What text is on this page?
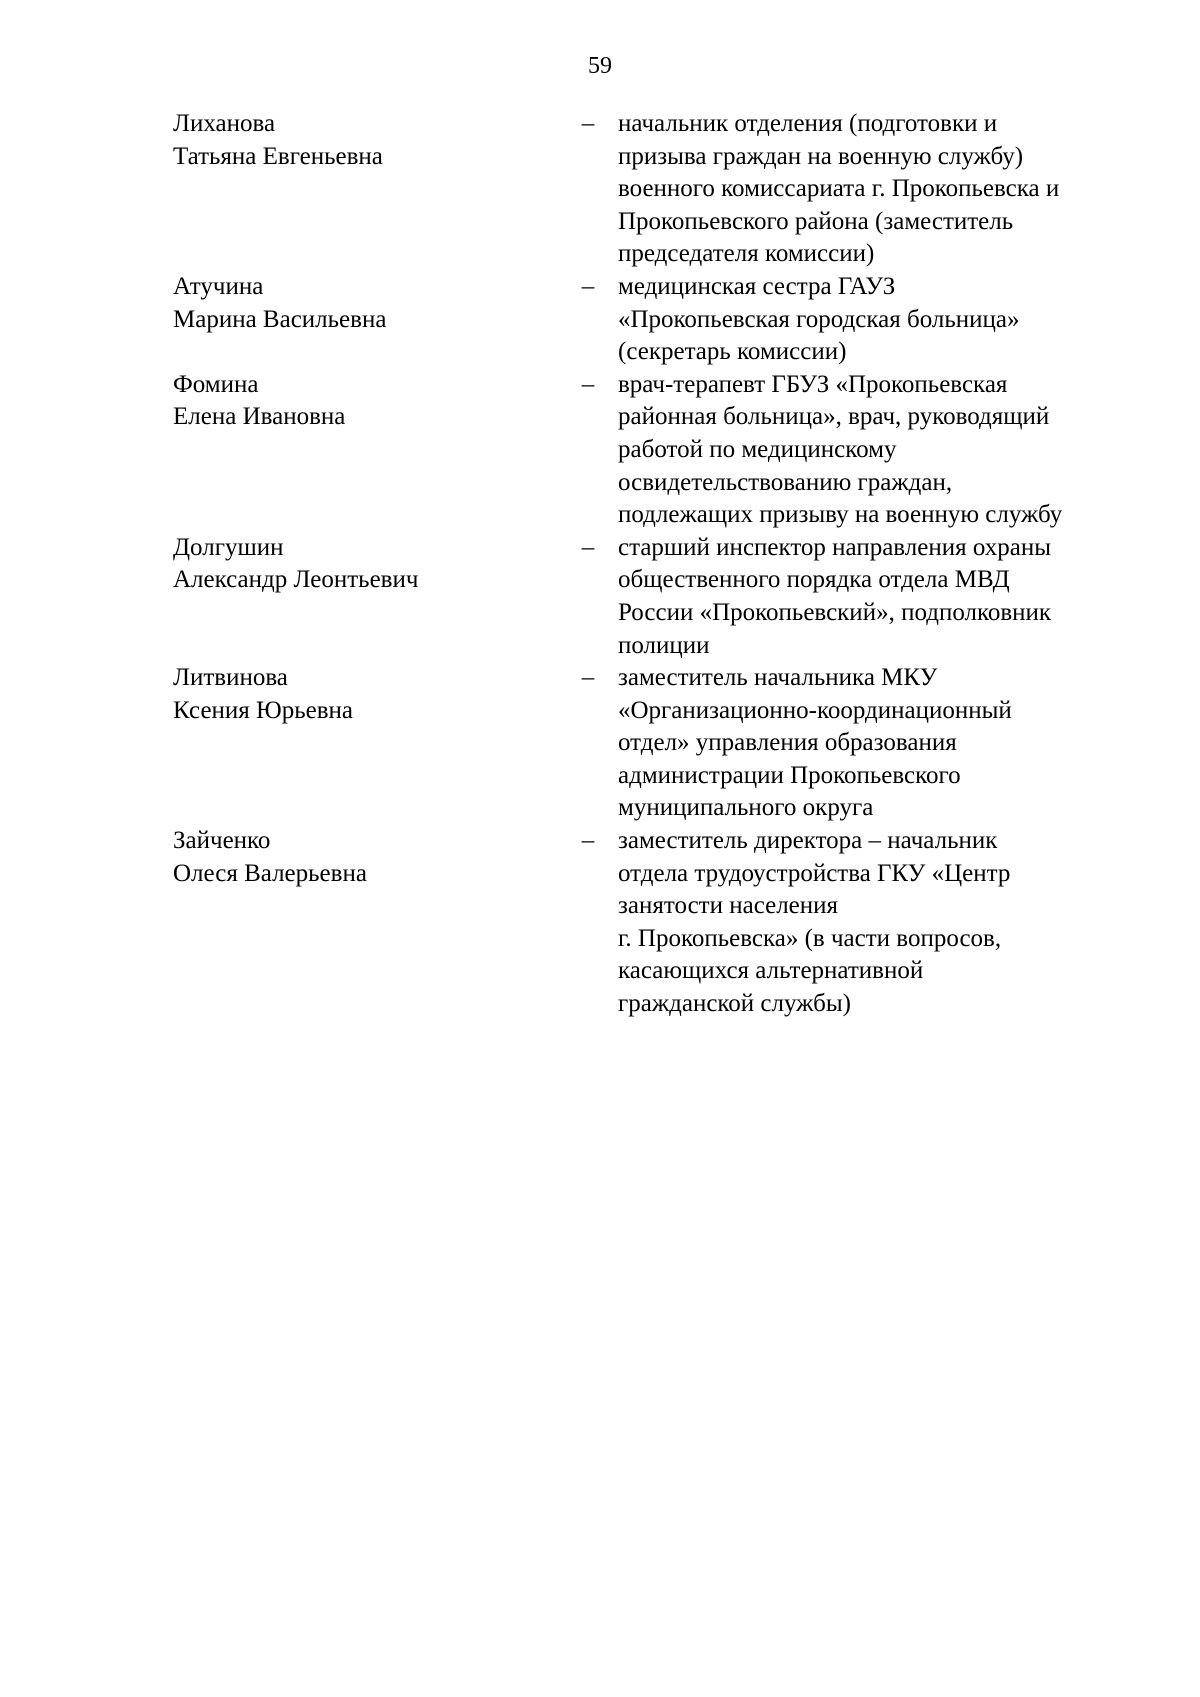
59
Лиханова
Татьяна Евгеньевна
– начальник отделения (подготовки и
призыва граждан на военную службу)
военного комиссариата г. Прокопьевска и
Прокопьевского района (заместитель
председателя комиссии)
Атучина
Марина Васильевна
– медицинская сестра ГАУЗ
«Прокопьевская городская больница»
(секретарь комиссии)
Фомина
Елена Ивановна
– врач-терапевт ГБУЗ «Прокопьевская
районная больница», врач, руководящий
работой по медицинскому
освидетельствованию граждан,
подлежащих призыву на военную службу
Долгушин
Александр Леонтьевич
– старший инспектор направления охраны
общественного порядка отдела МВД
России «Прокопьевский», подполковник
полиции
Литвинова
Ксения Юрьевна
– заместитель начальника МКУ
«Организационно-координационный
отдел» управления образования
администрации Прокопьевского
муниципального округа
Зайченко
Олеся Валерьевна
– заместитель директора – начальник
отдела трудоустройства ГКУ «Центр
занятости населения
г. Прокопьевска» (в части вопросов,
касающихся альтернативной
гражданской службы)
